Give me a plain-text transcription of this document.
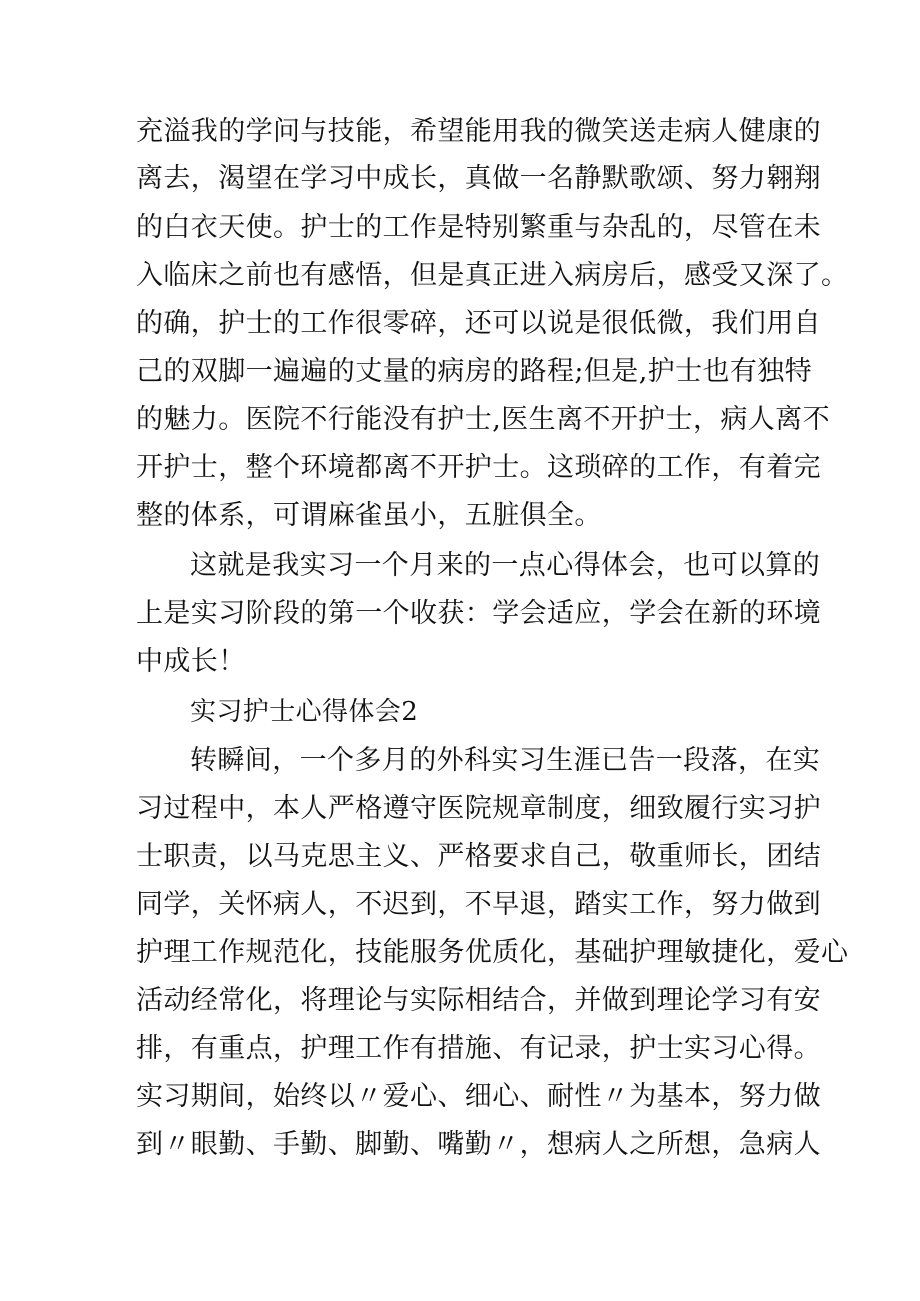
充溢我的学问与技能，希望能用我的微笑送走病人健康的
离去，渴望在学习中成长，真做一名静默歌颂、努力翱翔
的白衣天使。护士的工作是特别繁重与杂乱的，尽管在未
入临床之前也有感悟，但是真正进入病房后，感受又深了。
的确，护士的工作很零碎，还可以说是很低微，我们用自
己的双脚一遍遍的丈量的病房的路程;但是,护士也有独特
的魅力。医院不行能没有护士,医生离不开护士，病人离不
开护士，整个环境都离不开护士。这琐碎的工作，有着完
整的体系，可谓麻雀虽小，五脏俱全。
这就是我实习一个月来的一点心得体会，也可以算的
上是实习阶段的第一个收获：学会适应，学会在新的环境
中成长！
实习护士心得体会2
转瞬间，一个多月的外科实习生涯已告一段落，在实
习过程中，本人严格遵守医院规章制度，细致履行实习护
士职责，以马克思主义、严格要求自己，敬重师长，团结
同学，关怀病人，不迟到，不早退，踏实工作，努力做到
护理工作规范化，技能服务优质化，基础护理敏捷化，爱心
活动经常化，将理论与实际相结合，并做到理论学习有安
排，有重点，护理工作有措施、有记录，护士实习心得。
实习期间，始终以〃爱心、细心、耐性〃为基本，努力做
到〃眼勤、手勤、脚勤、嘴勤〃，想病人之所想，急病人
